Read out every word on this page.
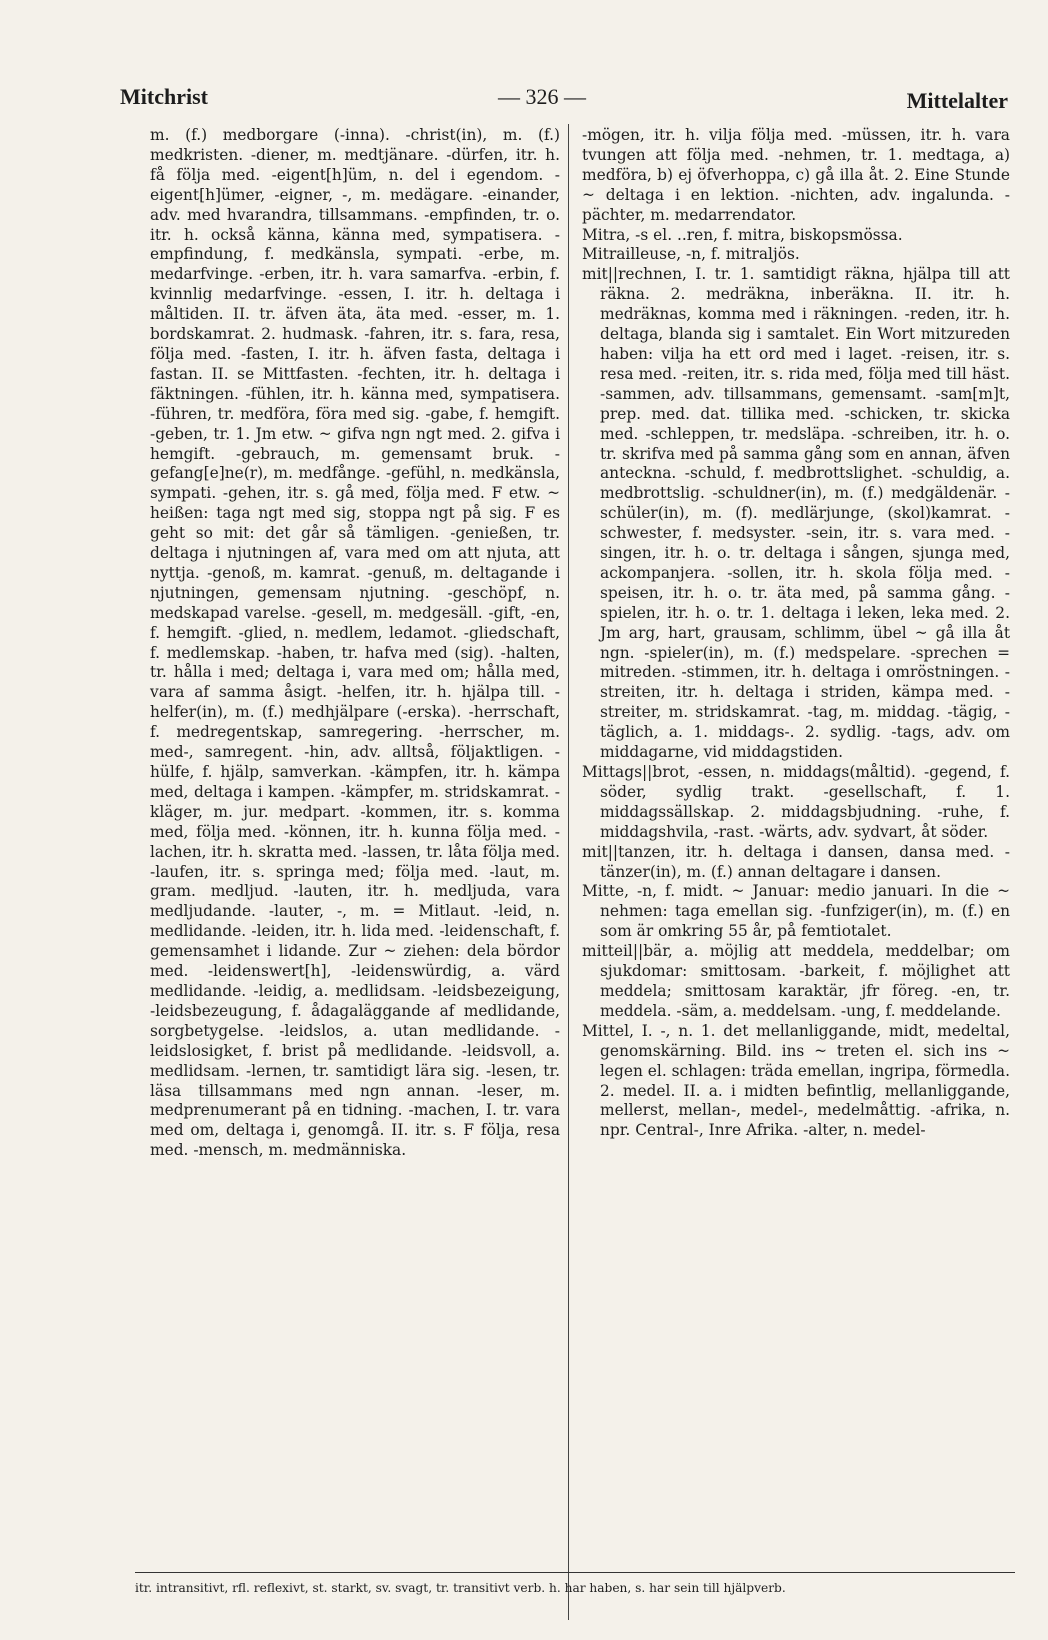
Mitchrist	— 326 —	Mittelalter

m. (f.) medborgare (-inna). -christ(in), m. (f.) medkristen. -diener, m. medtjänare. -dürfen, itr. h. få följa med. -eigent[h]üm, n. del i egendom. -eigent[h]ümer, -eigner, -, m. medägare. -einander, adv. med hvarandra, tillsammans. -empfinden, tr. o. itr. h. också känna, känna med, sympatisera. -empfindung, f. medkänsla, sympati. -erbe, m. medarfvinge. -erben, itr. h. vara samarfva. -erbin, f. kvinnlig medarfvinge. -essen, I. itr. h. deltaga i måltiden. II. tr. äfven äta, äta med. -esser, m. 1. bordskamrat. 2. hudmask. -fahren, itr. s. fara, resa, följa med. -fasten, I. itr. h. äfven fasta, deltaga i fastan. II. se Mittfasten. -fechten, itr. h. deltaga i fäktningen. -fühlen, itr. h. känna med, sympatisera. -führen, tr. medföra, föra med sig. -gabe, f. hemgift. -geben, tr. 1. Jm etw. ~ gifva ngn ngt med. 2. gifva i hemgift. -gebrauch, m. gemensamt bruk. -gefang[e]ne(r), m. medfånge. -gefühl, n. medkänsla, sympati. -gehen, itr. s. gå med, följa med. F etw. ~ heißen: taga ngt med sig, stoppa ngt på sig. F es geht so mit: det går så tämligen. -genießen, tr. deltaga i njutningen af, vara med om att njuta, att nyttja. -genoß, m. kamrat. -genuß, m. deltagande i njutningen, gemensam njutning. -geschöpf, n. medskapad varelse. -gesell, m. medgesäll. -gift, -en, f. hemgift. -glied, n. medlem, ledamot. -gliedschaft, f. medlemskap. -haben, tr. hafva med (sig). -halten, tr. hålla i med; deltaga i, vara med om; hålla med, vara af samma åsigt. -helfen, itr. h. hjälpa till. -helfer(in), m. (f.) medhjälpare (-erska). -herrschaft, f. medregentskap, samregering. -herrscher, m. med-, samregent. -hin, adv. alltså, följaktligen. -hülfe, f. hjälp, samverkan. -kämpfen, itr. h. kämpa med, deltaga i kampen. -kämpfer, m. stridskamrat. -kläger, m. jur. medpart. -kommen, itr. s. komma med, följa med. -können, itr. h. kunna följa med. -lachen, itr. h. skratta med. -lassen, tr. låta följa med. -laufen, itr. s. springa med; följa med. -laut, m. gram. medljud. -lauten, itr. h. medljuda, vara medljudande. -lauter, -, m. = Mitlaut. -leid, n. medlidande. -leiden, itr. h. lida med. -leidenschaft, f. gemensamhet i lidande. Zur ~ ziehen: dela bördor med. -leidenswert[h], -leidenswürdig, a. värd medlidande. -leidig, a. medlidsam. -leidsbezeigung, -leidsbezeugung, f. ådagaläggande af medlidande, sorgbetygelse. -leidslos, a. utan medlidande. -leidslosigket, f. brist på medlidande. -leidsvoll, a. medlidsam. -lernen, tr. samtidigt lära sig. -lesen, tr. läsa tillsammans med ngn annan. -leser, m. medprenumerant på en tidning. -machen, I. tr. vara med om, deltaga i, genomgå. II. itr. s. F följa, resa med. -mensch, m. medmänniska.

-mögen, itr. h. vilja följa med. -müssen, itr. h. vara tvungen att följa med. -nehmen, tr. 1. medtaga, a) medföra, b) ej öfverhoppa, c) gå illa åt. 2. Eine Stunde ~ deltaga i en lektion. -nichten, adv. ingalunda. -pächter, m. medarrendator.

Mitra, -s el. ..ren, f. mitra, biskopsmössa.

Mitrailleuse, -n, f. mitraljös.

mit||rechnen, I. tr. 1. samtidigt räkna, hjälpa till att räkna. 2. medräkna, inberäkna. II. itr. h. medräknas, komma med i räkningen. -reden, itr. h. deltaga, blanda sig i samtalet. Ein Wort mitzureden haben: vilja ha ett ord med i laget. -reisen, itr. s. resa med. -reiten, itr. s. rida med, följa med till häst. -sammen, adv. tillsammans, gemensamt. -sam[m]t, prep. med. dat. tillika med. -schicken, tr. skicka med. -schleppen, tr. medsläpa. -schreiben, itr. h. o. tr. skrifva med på samma gång som en annan, äfven anteckna. -schuld, f. medbrottslighet. -schuldig, a. medbrottslig. -schuldner(in), m. (f.) medgäldenär. -schüler(in), m. (f). medlärjunge, (skol)kamrat. -schwester, f. medsyster. -sein, itr. s. vara med. -singen, itr. h. o. tr. deltaga i sången, sjunga med, ackompanjera. -sollen, itr. h. skola följa med. -speisen, itr. h. o. tr. äta med, på samma gång. -spielen, itr. h. o. tr. 1. deltaga i leken, leka med. 2. Jm arg, hart, grausam, schlimm, übel ~ gå illa åt ngn. -spieler(in), m. (f.) medspelare. -sprechen = mitreden. -stimmen, itr. h. deltaga i omröstningen. -streiten, itr. h. deltaga i striden, kämpa med. -streiter, m. stridskamrat. -tag, m. middag. -tägig, -täglich, a. 1. middags-. 2. sydlig. -tags, adv. om middagarne, vid middagstiden.

Mittags||brot, -essen, n. middags(måltid). -gegend, f. söder, sydlig trakt. -gesellschaft, f. 1. middagssällskap. 2. middagsbjudning. -ruhe, f. middagshvila, -rast. -wärts, adv. sydvart, åt söder.

mit||tanzen, itr. h. deltaga i dansen, dansa med. -tänzer(in), m. (f.) annan deltagare i dansen.

Mitte, -n, f. midt. ~ Januar: medio januari. In die ~ nehmen: taga emellan sig. -funfziger(in), m. (f.) en som är omkring 55 år, på femtiotalet.

mitteil||bär, a. möjlig att meddela, meddelbar; om sjukdomar: smittosam. -barkeit, f. möjlighet att meddela; smittosam karaktär, jfr föreg. -en, tr. meddela. -säm, a. meddelsam. -ung, f. meddelande.

Mittel, I. -, n. 1. det mellanliggande, midt, medeltal, genomskärning. Bild. ins ~ treten el. sich ins ~ legen el. schlagen: träda emellan, ingripa, förmedla. 2. medel. II. a. i midten befintlig, mellanliggande, mellerst, mellan-, medel-, medelmåttig. -afrika, n. npr. Central-, Inre Afrika. -alter, n. medel-

itr. intransitivt, rfl. reflexivt, st. starkt, sv. svagt, tr. transitivt verb. h. har haben, s. har sein till hjälpverb.
